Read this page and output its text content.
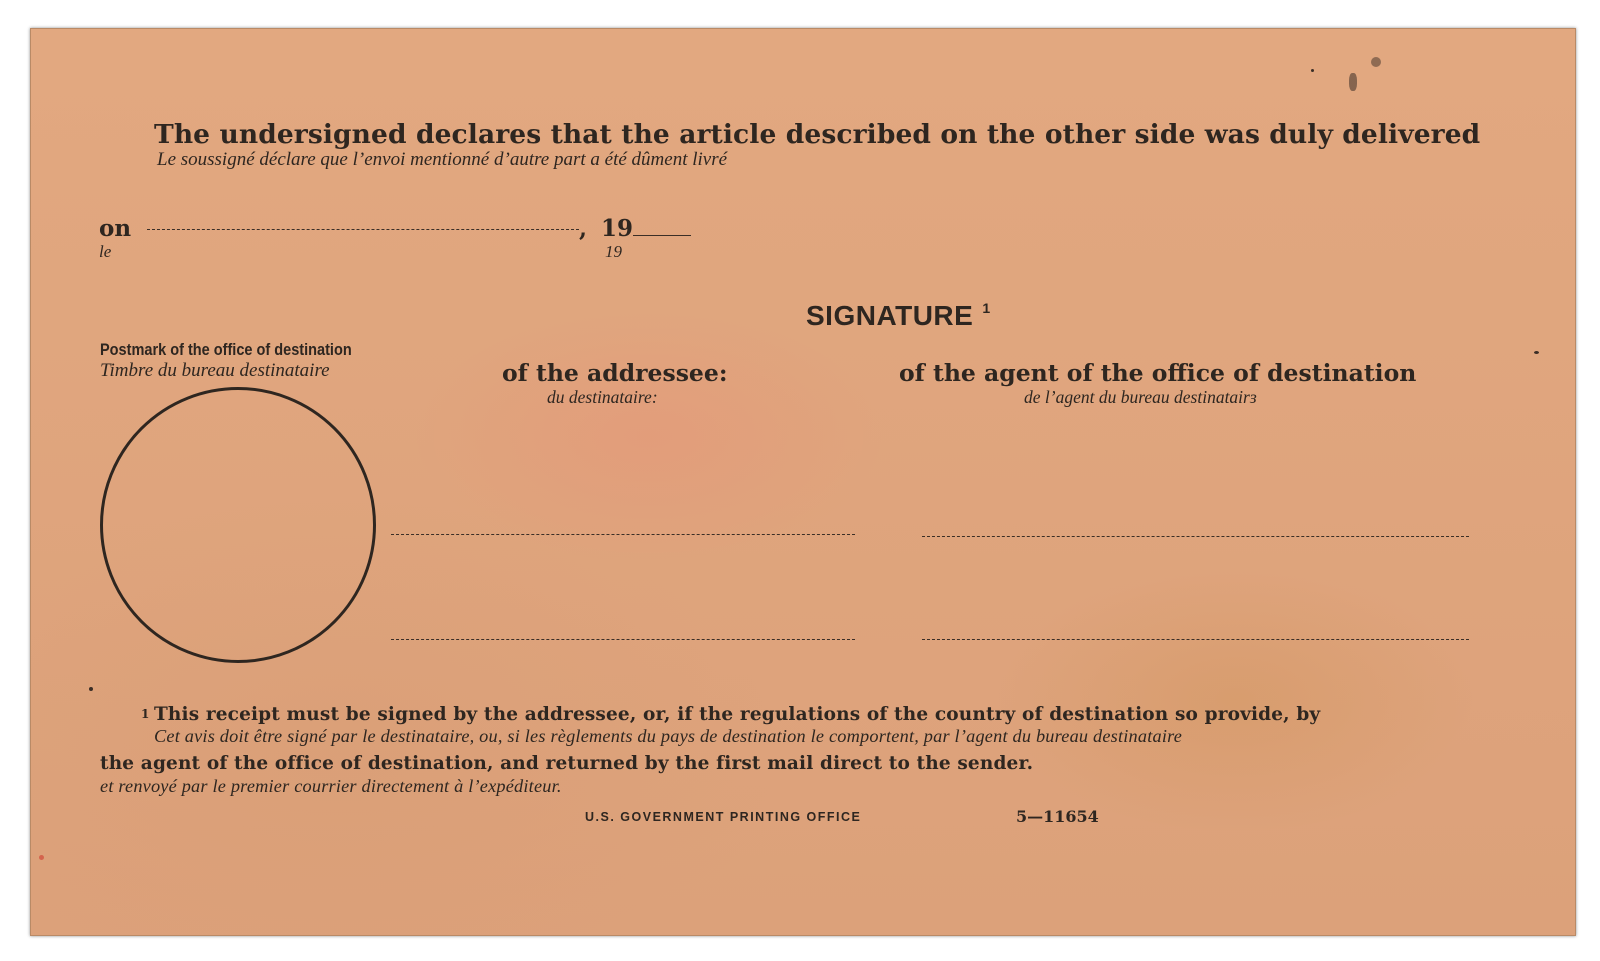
The undersigned declares that the article described on the other side was duly delivered
Le soussigné déclare que l’envoi mentionné d’autre part a été dûment livré
on
le
, 19
19
SIGNATURE $^1$
Postmark of the office of destination
Timbre du bureau destinataire	of the addressee:
du destinataire:
of the agent of the office of destination
de l’agent du bureau destinatairɜ
1 This receipt must be signed by the addressee, or, if the regulations of the country of destination so provide, by
Cet avis doit être signé par le destinataire, ou, si les règlements du pays de destination le comportent, par l’agent du bureau destinataire
the agent of the office of destination, and returned by the first mail direct to the sender.
et renvoyé par le premier courrier directement à l’expéditeur.
U.S. GOVERNMENT PRINTING OFFICE	5—11654
